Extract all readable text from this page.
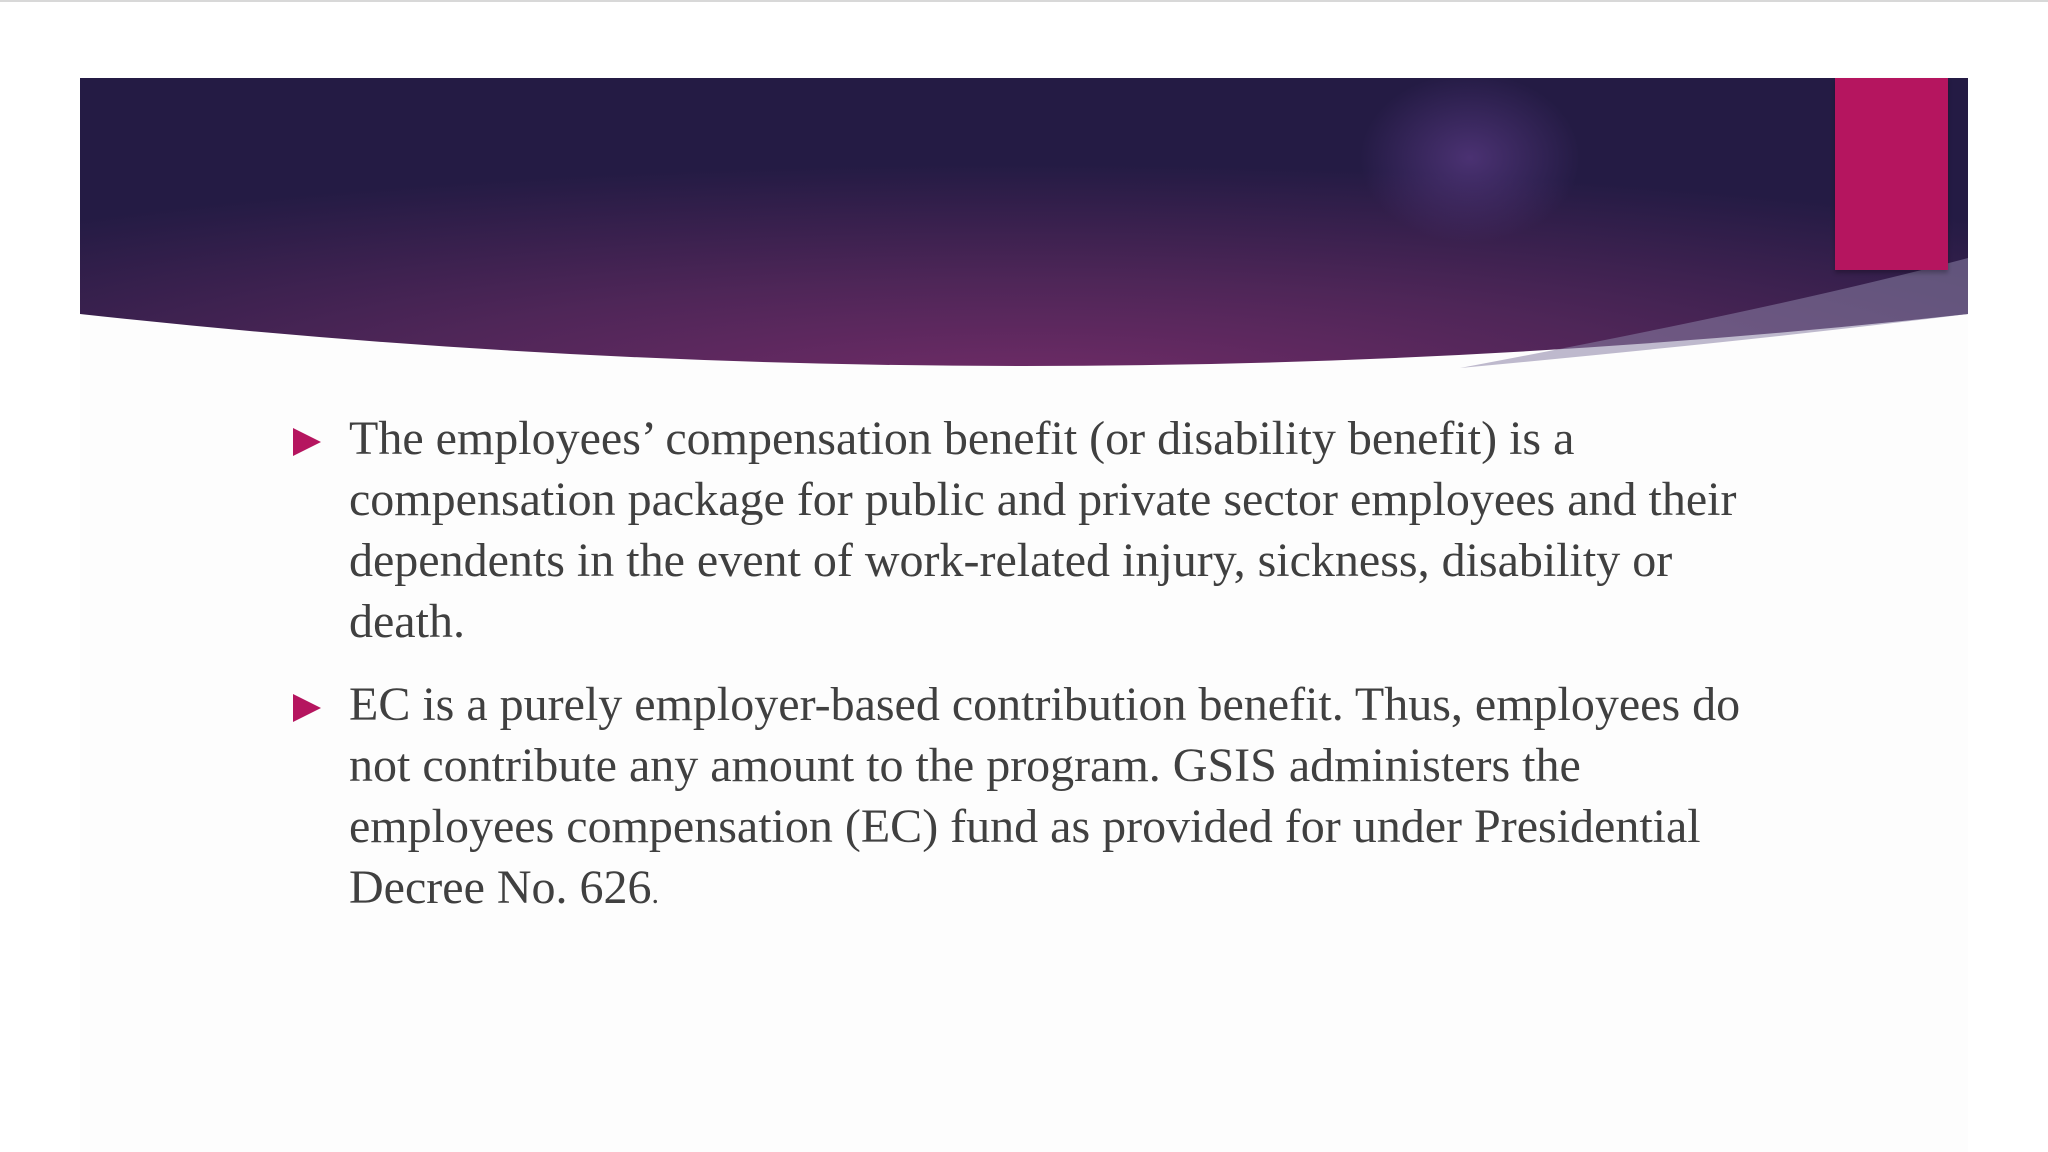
The employees’ compensation benefit (or disability benefit) is a compensation package for public and private sector employees and their dependents in the event of work-related injury, sickness, disability or death.

EC is a purely employer-based contribution benefit. Thus, employees do not contribute any amount to the program. GSIS administers the employees compensation (EC) fund as provided for under Presidential Decree No. 626.
